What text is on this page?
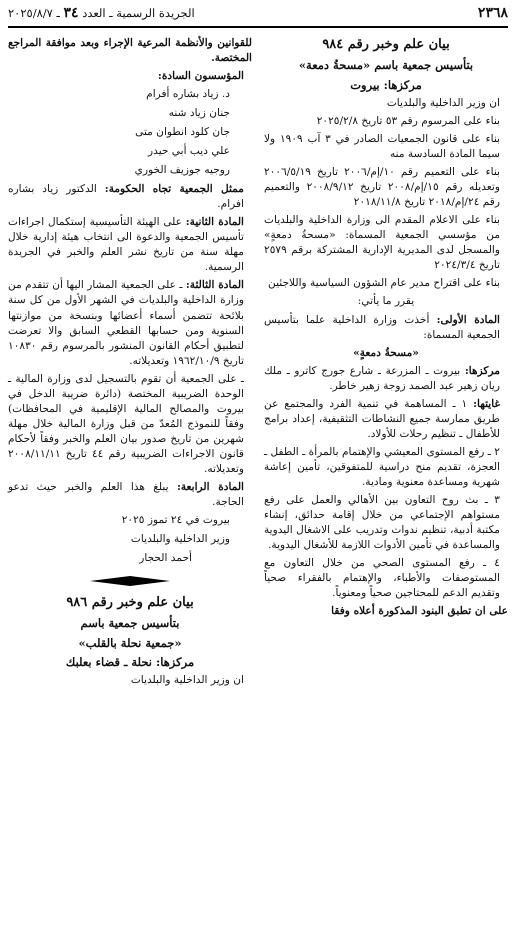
٢٣٦٨
الجريدة الرسمية ـ العدد ٣٤ ـ ٢٠٢٥/٨/٧

بيان علم وخبر رقم ٩٨٤

بتأسيس جمعية باسم «مسحةُ دمعة»

مركزها: بيروت

ان وزير الداخلية والبلديات

بناء على المرسوم رقم ٥٣ تاريخ ٢٠٢٥/٢/٨

بناء على قانون الجمعيات الصادر في ٣ آب ١٩٠٩ ولا سيما المادة السادسة منه

بناء على التعميم رقم ١٠/إم/٢٠٠٦ تاريخ ٢٠٠٦/٥/١٩ وتعديله رقم ١٥/إم/٢٠٠٨ تاريخ ٢٠٠٨/٩/١٢ والتعميم رقم ٢٤/إم/٢٠١٨ تاريخ ٢٠١٨/١١/٨

بناء على الاعلام المقدم الى وزارة الداخلية والبلديات من مؤسسي الجمعية المسماة: «مسحةُ دمعةٍ» والمسجل لدى المديرية الإدارية المشتركة برقم ٢٥٧٩ تاريخ ٢٠٢٤/٣/٤

بناء على اقتراح مدير عام الشؤون السياسية واللاجئين

يقرر ما يأتي:

المادة الأولى: أخذت وزارة الداخلية علما بتأسيس الجمعية المسماة:

«مسحةُ دمعةٍ»

مركزها: بيروت ـ المزرعة ـ شارع جورج كاترو ـ ملك ريان زهير عبد الصمد زوجة زهير خاطر.

غايتها: ١ ـ المساهمة في تنمية الفرد والمجتمع عن طريق ممارسة جميع النشاطات التثقيفية، إعداد برامج للأطفال ـ تنظيم رحلات للأولاد.

٢ ـ رفع المستوى المعيشي والإهتمام بالمرأة ـ الطفل ـ العجزة، تقديم منح دراسية للمتفوقين، تأمين إعاشة شهرية ومساعدة معنوية ومادية.

٣ ـ بث روح التعاون بين الأهالي والعمل على رفع مستواهم الإجتماعي من خلال إقامة حدائق، إنشاء مكتبة أدبية، تنظيم ندوات وتدريب على الاشغال اليدوية والمساعدة في تأمين الأدوات اللازمة للأشغال اليدوية.

٤ ـ رفع المستوى الصحي من خلال التعاون مع المستوصفات والأطباء، والإهتمام بالفقراء صحياً وتقديم الدعم للمحتاجين صحياً ومعنوياً.

على ان تطبق البنود المذكورة أعلاه وفقا

للقوانين والأنظمة المرعية الإجراء وبعد موافقة المراجع المختصة.

المؤسسون السادة:

د. زياد بشاره أفرام

جنان زياد شنه

جان كلود انطوان متى

علي ديب أبي حيدر

روجيه جوزيف الخوري

ممثل الجمعية تجاه الحكومة: الدكتور زياد بشاره افرام.

المادة الثانية: على الهيئة التأسيسية إستكمال اجراءات تأسيس الجمعية والدعوة الى انتخاب هيئة إدارية خلال مهلة سنة من تاريخ نشر العلم والخبر في الجريدة الرسمية.

المادة الثالثة: ـ على الجمعية المشار اليها أن تتقدم من وزارة الداخلية والبلديات في الشهر الأول من كل سنة بلائحة تتضمن أسماء أعضائها وبنسخة من موازنتها السنوية ومن حسابها القطعي السابق والا تعرضت لتطبيق أحكام القانون المنشور بالمرسوم رقم ١٠٨٣٠ تاريخ ١٩٦٢/١٠/٩ وتعديلاته.

ـ على الجمعية أن تقوم بالتسجيل لدى وزارة المالية ـ الوحدة الضريبية المختصة (دائرة ضريبة الدخل في بيروت والمصالح المالية الإقليمية في المحافظات) وفقاً للنموذج المُعدّ من قبل وزارة المالية خلال مهلة شهرين من تاريخ صدور بيان العلم والخبر وفقاً لأحكام قانون الاجراءات الضريبية رقم ٤٤ تاريخ ٢٠٠٨/١١/١١ وتعديلاته.

المادة الرابعة: يبلغ هذا العلم والخبر حيث تدعو الحاجة.

بيروت في ٢٤ تموز ٢٠٢٥

وزير الداخلية والبلديات

أحمد الحجار

بيان علم وخبر رقم ٩٨٦

بتأسيس جمعية باسم

«جمعية نحلة بالقلب»

مركزها: نحلة ـ قضاء بعلبك

ان وزير الداخلية والبلديات
